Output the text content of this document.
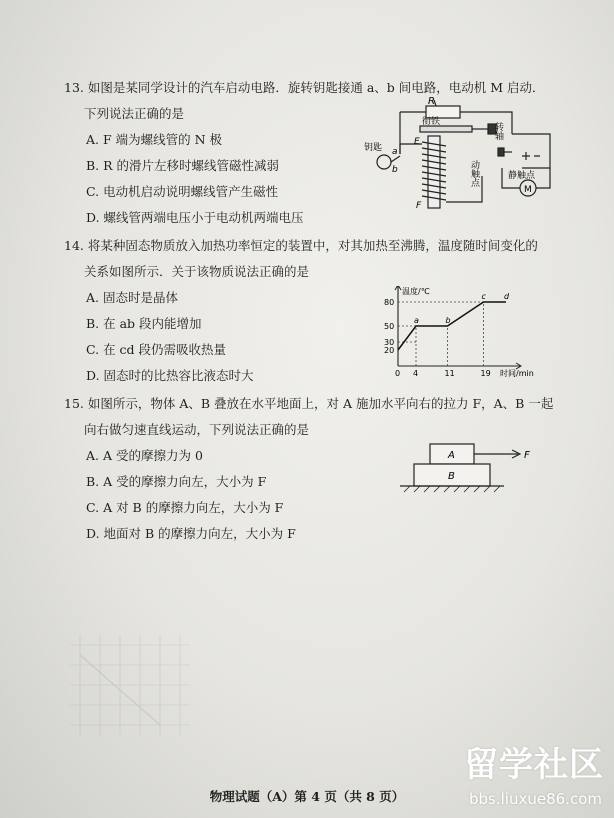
﻿
13. 如图是某同学设计的汽车启动电路．旋转钥匙接通 a、b 间电路，电动机 M 启动．
下列说法正确的是
A. F 端为螺线管的 N 极
B. R 的滑片左移时螺线管磁性减弱
C. 电动机启动说明螺线管产生磁性
D. 螺线管两端电压小于电动机两端电压
R
衔铁	转轴
动触点	静触点
钥匙 a
b
E
F
M
14. 将某种固态物质放入加热功率恒定的装置中，对其加热至沸腾，温度随时间变化的
关系如图所示．关于该物质说法正确的是
A. 固态时是晶体
B. 在 ab 段内能增加
C. 在 cd 段仍需吸收热量
D. 固态时的比热容比液态时大	0 4	11	19
20
30
50
80
温度/℃
时间/min
a	b
c d
15. 如图所示，物体 A、B 叠放在水平地面上，对 A 施加水平向右的拉力 F，A、B 一起
向右做匀速直线运动，下列说法正确的是
A. A 受的摩擦力为 0
B. A 受的摩擦力向左，大小为 F
C. A 对 B 的摩擦力向左，大小为 F
D. 地面对 B 的摩擦力向左，大小为 F
A
B
F
物理试题（A）第 4 页（共 8 页）
留学社区
bbs.liuxue86.com
